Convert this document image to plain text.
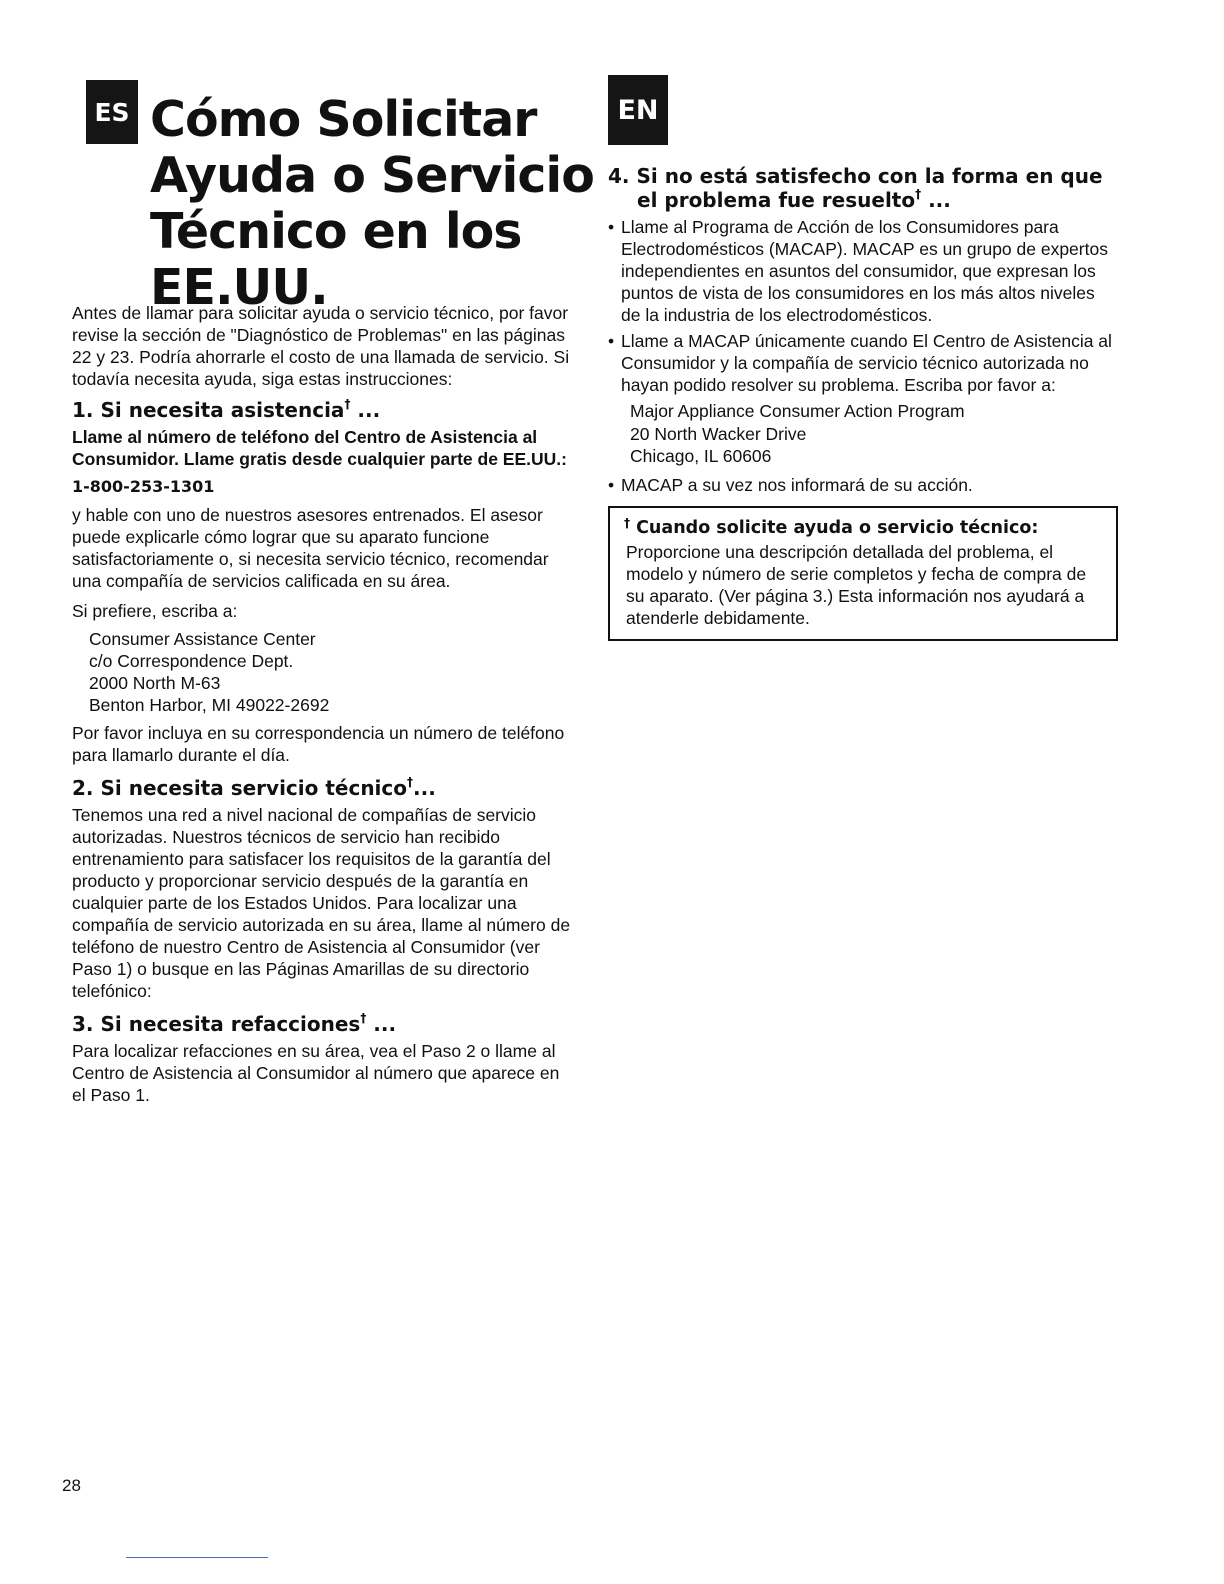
ES Cómo Solicitar
Ayuda o Servicio
Técnico en los
EE.UU.
EN

Antes de llamar para solicitar ayuda o servicio técnico, por favor revise la sección de "Diagnóstico de Problemas" en las páginas 22 y 23. Podría ahorrarle el costo de una llamada de servicio. Si todavía necesita ayuda, siga estas instrucciones:

1. Si necesita asistencia† ...

Llame al número de teléfono del Centro de Asistencia al Consumidor. Llame gratis desde cualquier parte de EE.UU.:

1-800-253-1301

y hable con uno de nuestros asesores entrenados. El asesor puede explicarle cómo lograr que su aparato funcione satisfactoriamente o, si necesita servicio técnico, recomendar una compañía de servicios calificada en su área.

Si prefiere, escriba a:

Consumer Assistance Center
c/o Correspondence Dept.
2000 North M-63
Benton Harbor, MI 49022-2692

Por favor incluya en su correspondencia un número de teléfono para llamarlo durante el día.

2. Si necesita servicio técnico†...

Tenemos una red a nivel nacional de compañías de servicio autorizadas. Nuestros técnicos de servicio han recibido entrenamiento para satisfacer los requisitos de la garantía del producto y proporcionar servicio después de la garantía en cualquier parte de los Estados Unidos. Para localizar una compañía de servicio autorizada en su área, llame al número de teléfono de nuestro Centro de Asistencia al Consumidor (ver Paso 1) o busque en las Páginas Amarillas de su directorio telefónico:

3. Si necesita refacciones† ...

Para localizar refacciones en su área, vea el Paso 2 o llame al Centro de Asistencia al Consumidor al número que aparece en el Paso 1.

4. Si no está satisfecho con la forma en que el problema fue resuelto† ...

• Llame al Programa de Acción de los Consumidores para Electrodomésticos (MACAP). MACAP es un grupo de expertos independientes en asuntos del consumidor, que expresan los puntos de vista de los consumidores en los más altos niveles de la industria de los electrodomésticos.

• Llame a MACAP únicamente cuando El Centro de Asistencia al Consumidor y la compañía de servicio técnico autorizada no hayan podido resolver su problema. Escriba por favor a:

Major Appliance Consumer Action Program
20 North Wacker Drive
Chicago, IL 60606

• MACAP a su vez nos informará de su acción.

† Cuando solicite ayuda o servicio técnico:

Proporcione una descripción detallada del problema, el modelo y número de serie completos y fecha de compra de su aparato. (Ver página 3.) Esta información nos ayudará a atenderle debidamente.

28
